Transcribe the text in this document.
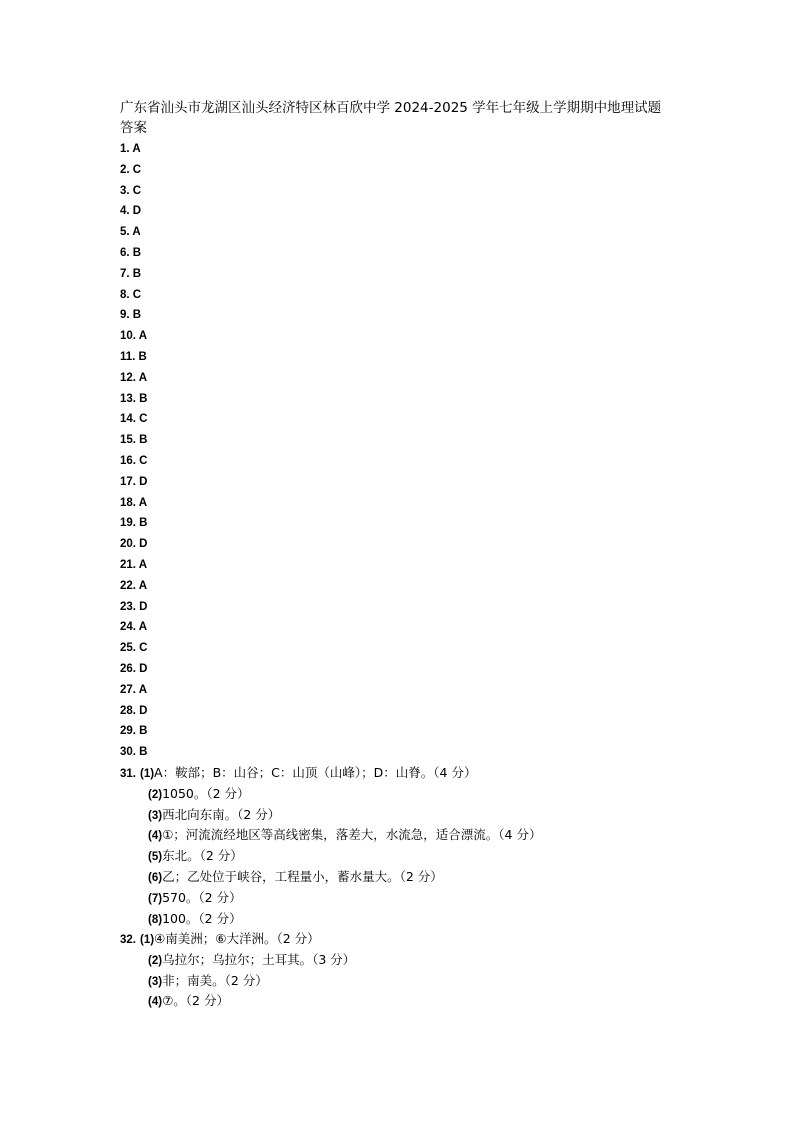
广东省汕头市龙湖区汕头经济特区林百欣中学 2024-2025 学年七年级上学期期中地理试题
答案
1. A
2. C
3. C
4. D
5. A
6. B
7. B
8. C
9. B
10. A
11. B
12. A
13. B
14. C
15. B
16. C
17. D
18. A
19. B
20. D
21. A
22. A
23. D
24. A
25. C
26. D
27. A
28. D
29. B
30. B
31. (1)A：鞍部；B：山谷；C：山顶（山峰）；D：山脊。（4 分）
(2)1050。（2 分）
(3)西北向东南。（2 分）
(4)①；河流流经地区等高线密集，落差大，水流急，适合漂流。（4 分）
(5)东北。（2 分）
(6)乙；乙处位于峡谷，工程量小，蓄水量大。（2 分）
(7)570。（2 分）
(8)100。（2 分）
32. (1)④南美洲；⑥大洋洲。（2 分）
(2)乌拉尔；乌拉尔；土耳其。（3 分）
(3)非；南美。（2 分）
(4)⑦。（2 分）
